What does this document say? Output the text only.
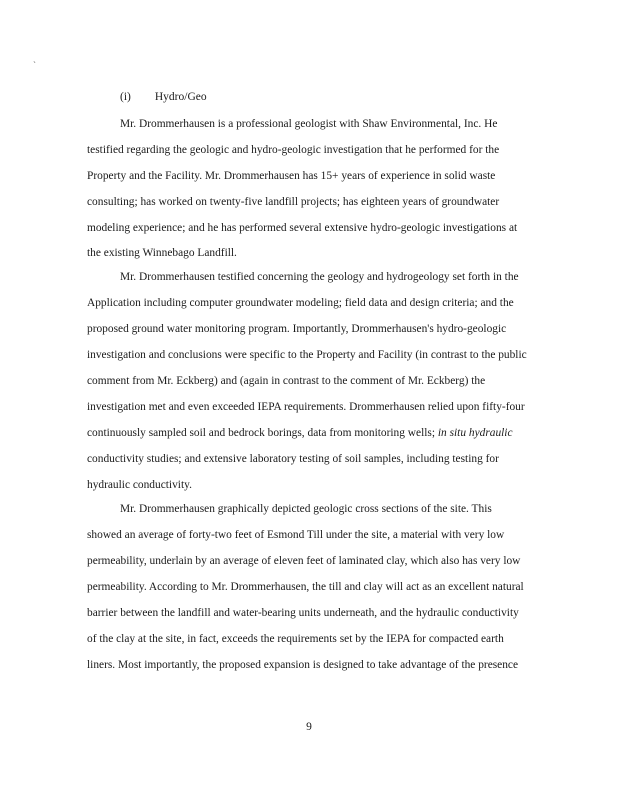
`
(i) Hydro/Geo
Mr. Drommerhausen is a professional geologist with Shaw Environmental, Inc. He
testified regarding the geologic and hydro-geologic investigation that he performed for the
Property and the Facility. Mr. Drommerhausen has 15+ years of experience in solid waste
consulting; has worked on twenty-five landfill projects; has eighteen years of groundwater
modeling experience; and he has performed several extensive hydro-geologic investigations at
the existing Winnebago Landfill.
Mr. Drommerhausen testified concerning the geology and hydrogeology set forth in the
Application including computer groundwater modeling; field data and design criteria; and the
proposed ground water monitoring program. Importantly, Drommerhausen's hydro-geologic
investigation and conclusions were specific to the Property and Facility (in contrast to the public
comment from Mr. Eckberg) and (again in contrast to the comment of Mr. Eckberg) the
investigation met and even exceeded IEPA requirements. Drommerhausen relied upon fifty-four
continuously sampled soil and bedrock borings, data from monitoring wells; in situ hydraulic
conductivity studies; and extensive laboratory testing of soil samples, including testing for
hydraulic conductivity.
Mr. Drommerhausen graphically depicted geologic cross sections of the site. This
showed an average of forty-two feet of Esmond Till under the site, a material with very low
permeability, underlain by an average of eleven feet of laminated clay, which also has very low
permeability. According to Mr. Drommerhausen, the till and clay will act as an excellent natural
barrier between the landfill and water-bearing units underneath, and the hydraulic conductivity
of the clay at the site, in fact, exceeds the requirements set by the IEPA for compacted earth
liners. Most importantly, the proposed expansion is designed to take advantage of the presence
9
